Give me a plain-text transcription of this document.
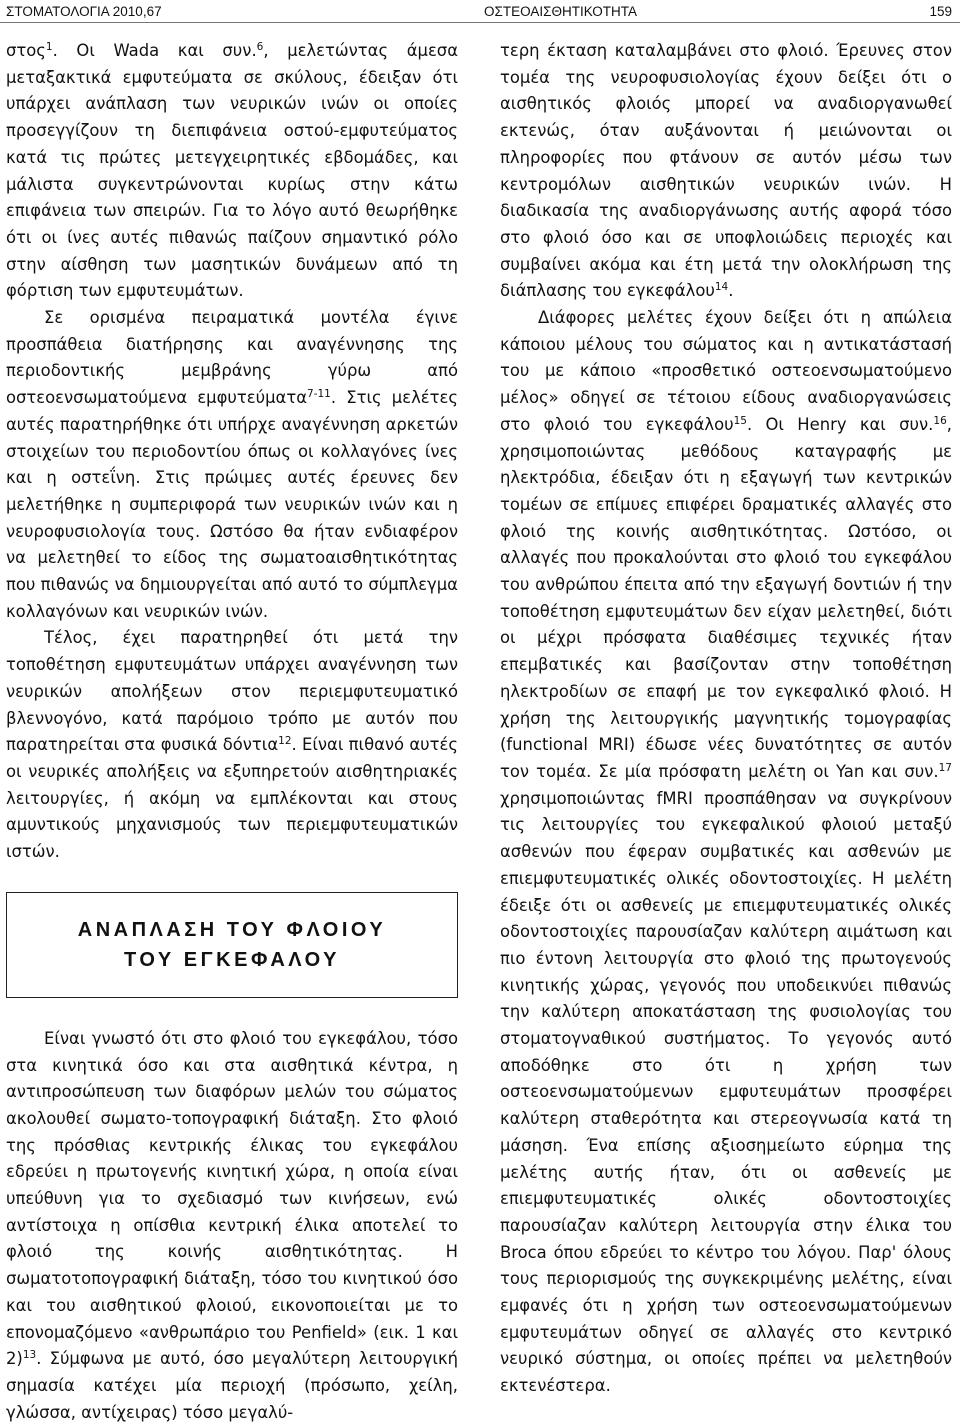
ΣΤΟΜΑΤΟΛΟΓΙΑ 2010,67	ΟΣΤΕΟΑΙΣΘΗΤΙΚΟΤΗΤΑ	159

στος$^1$. Οι Wada και συν.$^6$, μελετώντας άμεσα μεταξακτικά εμφυτεύματα σε σκύλους, έδειξαν ότι υπάρχει ανάπλαση των νευρικών ινών οι οποίες προσεγγίζουν τη διεπιφάνεια οστού-εμφυτεύματος κατά τις πρώτες μετεγχειρητικές εβδομάδες, και μάλιστα συγκεντρώνονται κυρίως στην κάτω επιφάνεια των σπειρών. Για το λόγο αυτό θεωρήθηκε ότι οι ίνες αυτές πιθανώς παίζουν σημαντικό ρόλο στην αίσθηση των μασητικών δυνάμεων από τη φόρτιση των εμφυτευμάτων.

Σε ορισμένα πειραματικά μοντέλα έγινε προσπάθεια διατήρησης και αναγέννησης της περιοδοντικής μεμβράνης γύρω από οστεοενσωματούμενα εμφυτεύματα$^{7-11}$. Στις μελέτες αυτές παρατηρήθηκε ότι υπήρχε αναγέννηση αρκετών στοιχείων του περιοδοντίου όπως οι κολλαγόνες ίνες και η οστεΐνη. Στις πρώιμες αυτές έρευνες δεν μελετήθηκε η συμπεριφορά των νευρικών ινών και η νευροφυσιολογία τους. Ωστόσο θα ήταν ενδιαφέρον να μελετηθεί το είδος της σωματοαισθητικότητας που πιθανώς να δημιουργείται από αυτό το σύμπλεγμα κολλαγόνων και νευρικών ινών.

Τέλος, έχει παρατηρηθεί ότι μετά την τοποθέτηση εμφυτευμάτων υπάρχει αναγέννηση των νευρικών απολήξεων στον περιεμφυτευματικό βλεννογόνο, κατά παρόμοιο τρόπο με αυτόν που παρατηρείται στα φυσικά δόντια$^{12}$. Είναι πιθανό αυτές οι νευρικές απολήξεις να εξυπηρετούν αισθητηριακές λειτουργίες, ή ακόμη να εμπλέκονται και στους αμυντικούς μηχανισμούς των περιεμφυτευματικών ιστών.

ΑΝΑΠΛΑΣΗ ΤΟΥ ΦΛΟΙΟΥ
ΤΟΥ ΕΓΚΕΦΑΛΟΥ

Είναι γνωστό ότι στο φλοιό του εγκεφάλου, τόσο στα κινητικά όσο και στα αισθητικά κέντρα, η αντιπροσώπευση των διαφόρων μελών του σώματος ακολουθεί σωματο-τοπογραφική διάταξη. Στο φλοιό της πρόσθιας κεντρικής έλικας του εγκεφάλου εδρεύει η πρωτογενής κινητική χώρα, η οποία είναι υπεύθυνη για το σχεδιασμό των κινήσεων, ενώ αντίστοιχα η οπίσθια κεντρική έλικα αποτελεί το φλοιό της κοινής αισθητικότητας. Η σωματοτοπογραφική διάταξη, τόσο του κινητικού όσο και του αισθητικού φλοιού, εικονοποιείται με το επονομαζόμενο «ανθρωπάριο του Penfield» (εικ. 1 και 2)$^{13}$. Σύμφωνα με αυτό, όσο μεγαλύτερη λειτουργική σημασία κατέχει μία περιοχή (πρόσωπο, χείλη, γλώσσα, αντίχειρας) τόσο μεγαλύ-

τερη έκταση καταλαμβάνει στο φλοιό. Έρευνες στον τομέα της νευροφυσιολογίας έχουν δείξει ότι ο αισθητικός φλοιός μπορεί να αναδιοργανωθεί εκτενώς, όταν αυξάνονται ή μειώνονται οι πληροφορίες που φτάνουν σε αυτόν μέσω των κεντρομόλων αισθητικών νευρικών ινών. Η διαδικασία της αναδιοργάνωσης αυτής αφορά τόσο στο φλοιό όσο και σε υποφλοιώδεις περιοχές και συμβαίνει ακόμα και έτη μετά την ολοκλήρωση της διάπλασης του εγκεφάλου$^{14}$.

Διάφορες μελέτες έχουν δείξει ότι η απώλεια κάποιου μέλους του σώματος και η αντικατάστασή του με κάποιο «προσθετικό οστεοενσωματούμενο μέλος» οδηγεί σε τέτοιου είδους αναδιοργανώσεις στο φλοιό του εγκεφάλου$^{15}$. Οι Henry και συν.$^{16}$, χρησιμοποιώντας μεθόδους καταγραφής με ηλεκτρόδια, έδειξαν ότι η εξαγωγή των κεντρικών τομέων σε επίμυες επιφέρει δραματικές αλλαγές στο φλοιό της κοινής αισθητικότητας. Ωστόσο, οι αλλαγές που προκαλούνται στο φλοιό του εγκεφάλου του ανθρώπου έπειτα από την εξαγωγή δοντιών ή την τοποθέτηση εμφυτευμάτων δεν είχαν μελετηθεί, διότι οι μέχρι πρόσφατα διαθέσιμες τεχνικές ήταν επεμβατικές και βασίζονταν στην τοποθέτηση ηλεκτροδίων σε επαφή με τον εγκεφαλικό φλοιό. Η χρήση της λειτουργικής μαγνητικής τομογραφίας (functional MRI) έδωσε νέες δυνατότητες σε αυτόν τον τομέα. Σε μία πρόσφατη μελέτη οι Yan και συν.$^{17}$ χρησιμοποιώντας fMRI προσπάθησαν να συγκρίνουν τις λειτουργίες του εγκεφαλικού φλοιού μεταξύ ασθενών που έφεραν συμβατικές και ασθενών με επιεμφυτευματικές ολικές οδοντοστοιχίες. Η μελέτη έδειξε ότι οι ασθενείς με επιεμφυτευματικές ολικές οδοντοστοιχίες παρουσίαζαν καλύτερη αιμάτωση και πιο έντονη λειτουργία στο φλοιό της πρωτογενούς κινητικής χώρας, γεγονός που υποδεικνύει πιθανώς την καλύτερη αποκατάσταση της φυσιολογίας του στοματογναθικού συστήματος. Το γεγονός αυτό αποδόθηκε στο ότι η χρήση των οστεοενσωματούμενων εμφυτευμάτων προσφέρει καλύτερη σταθερότητα και στερεογνωσία κατά τη μάσηση. Ένα επίσης αξιοσημείωτο εύρημα της μελέτης αυτής ήταν, ότι οι ασθενείς με επιεμφυτευματικές ολικές οδοντοστοιχίες παρουσίαζαν καλύτερη λειτουργία στην έλικα του Broca όπου εδρεύει το κέντρο του λόγου. Παρ' όλους τους περιορισμούς της συγκεκριμένης μελέτης, είναι εμφανές ότι η χρήση των οστεοενσωματούμενων εμφυτευμάτων οδηγεί σε αλλαγές στο κεντρικό νευρικό σύστημα, οι οποίες πρέπει να μελετηθούν εκτενέστερα.
